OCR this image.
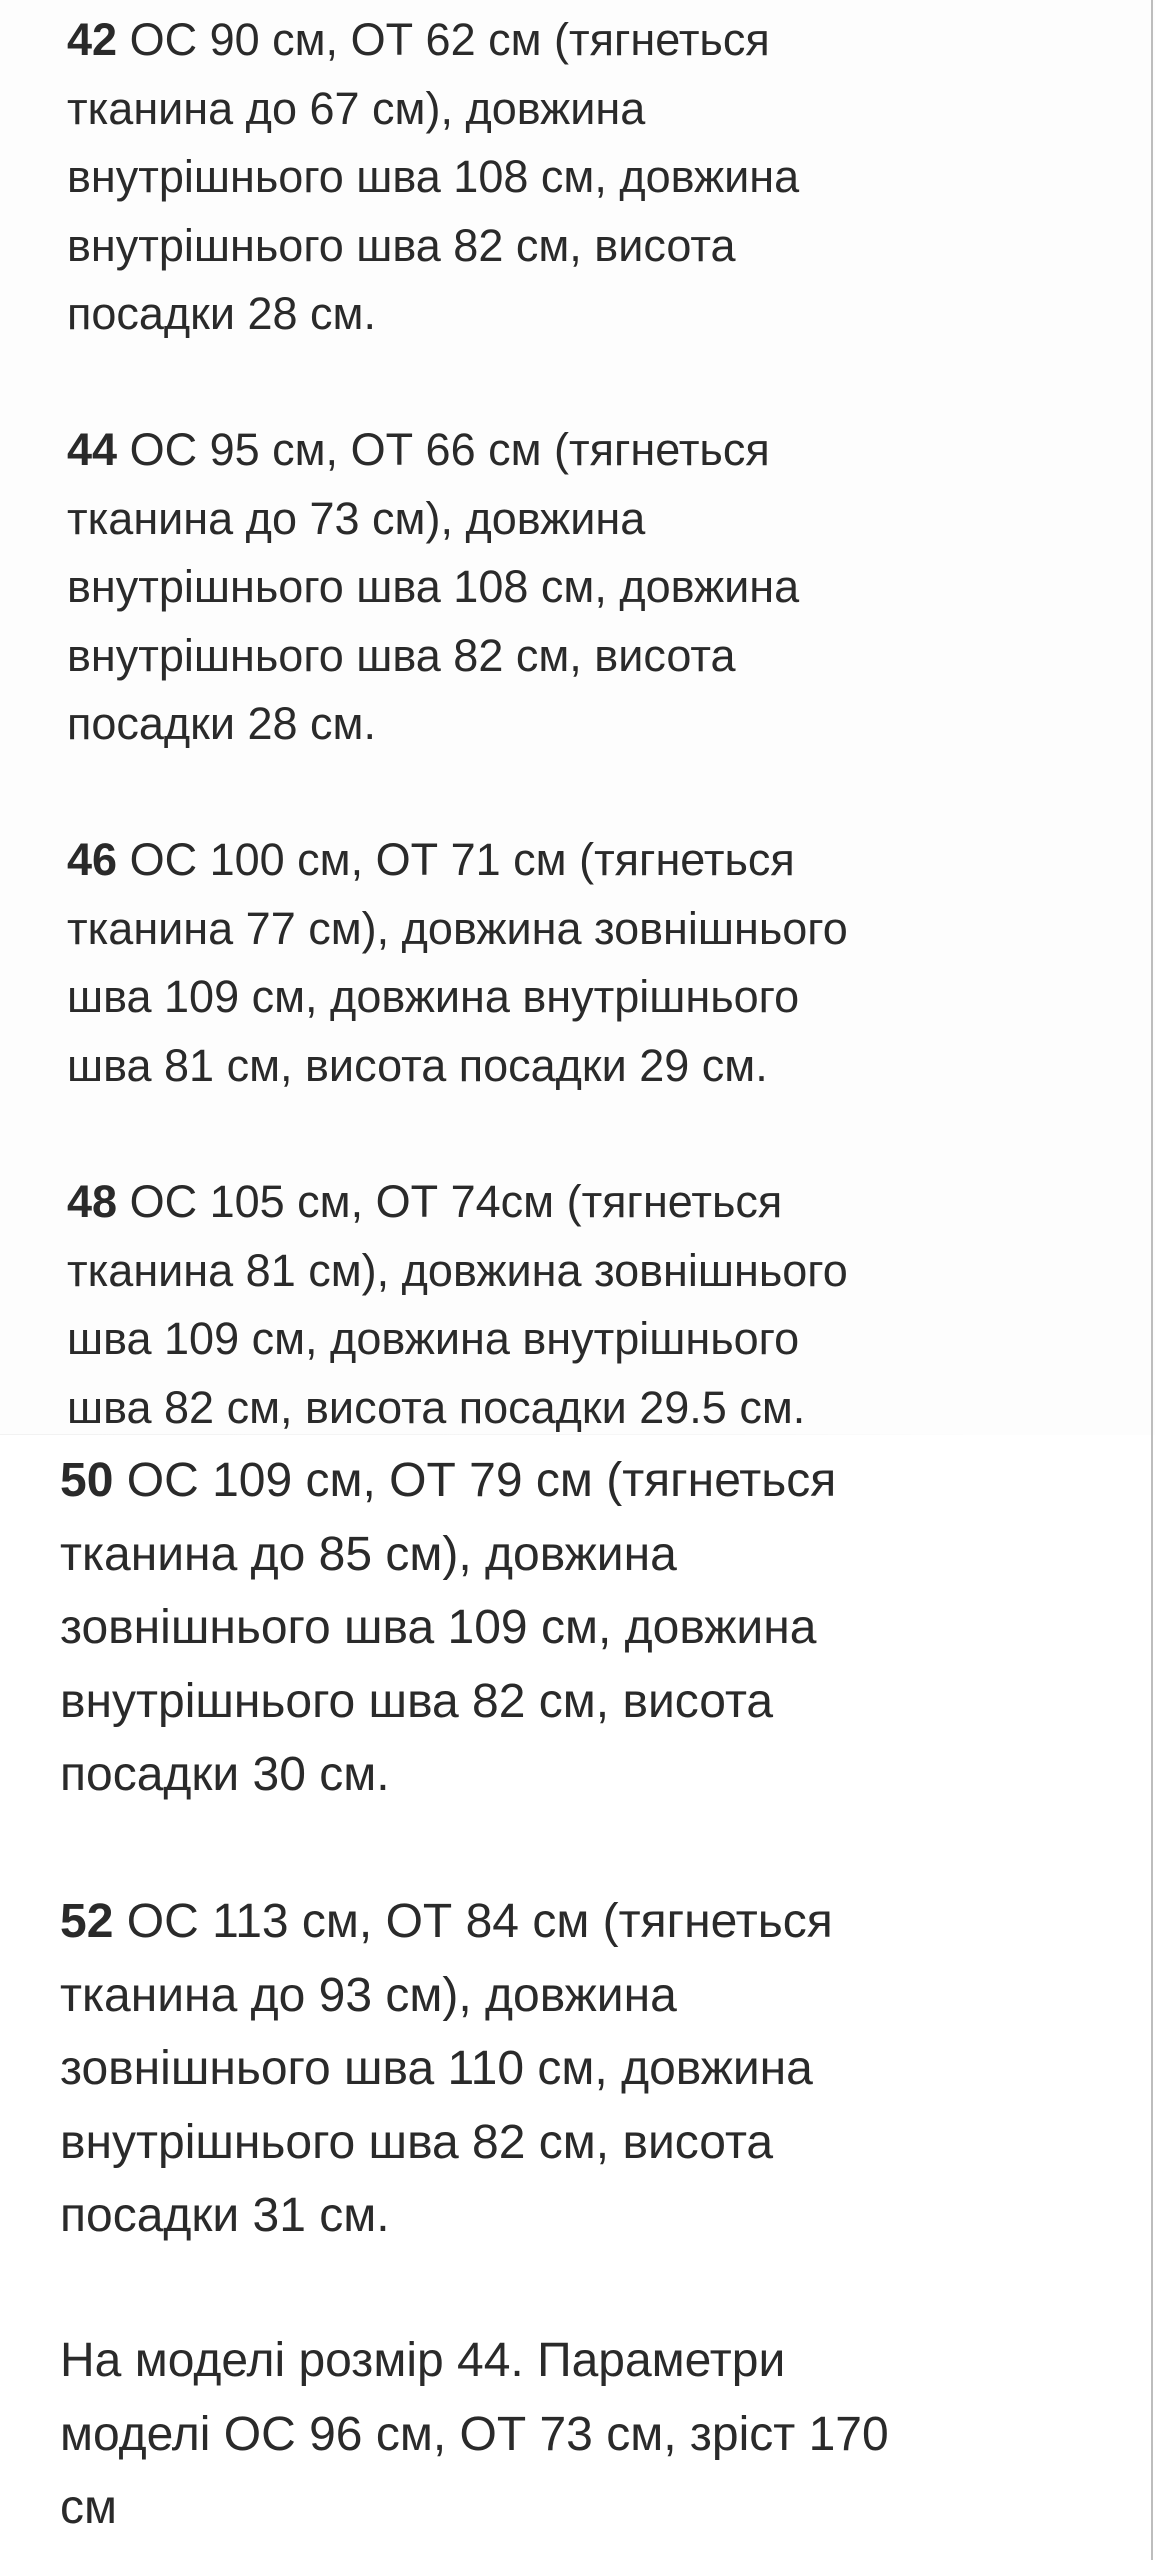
42 ОС 90 см, ОТ 62 см (тягнеться
тканина до 67 см), довжина
внутрішнього шва 108 см, довжина
внутрішнього шва 82 см, висота
посадки 28 см.

44 ОС 95 см, ОТ 66 см (тягнеться
тканина до 73 см), довжина
внутрішнього шва 108 см, довжина
внутрішнього шва 82 см, висота
посадки 28 см.

46 ОС 100 см, ОТ 71 см (тягнеться
тканина 77 см), довжина зовнішнього
шва 109 см, довжина внутрішнього
шва 81 см, висота посадки 29 см.

48 ОС 105 см, ОТ 74см (тягнеться
тканина 81 см), довжина зовнішнього
шва 109 см, довжина внутрішнього
шва 82 см, висота посадки 29.5 см.

50 ОС 109 см, ОТ 79 см (тягнеться
тканина до 85 см), довжина
зовнішнього шва 109 см, довжина
внутрішнього шва 82 см, висота
посадки 30 см.

52 ОС 113 см, ОТ 84 см (тягнеться
тканина до 93 см), довжина
зовнішнього шва 110 см, довжина
внутрішнього шва 82 см, висота
посадки 31 см.

На моделі розмір 44. Параметри
моделі ОС 96 см, ОТ 73 см, зріст 170
см
